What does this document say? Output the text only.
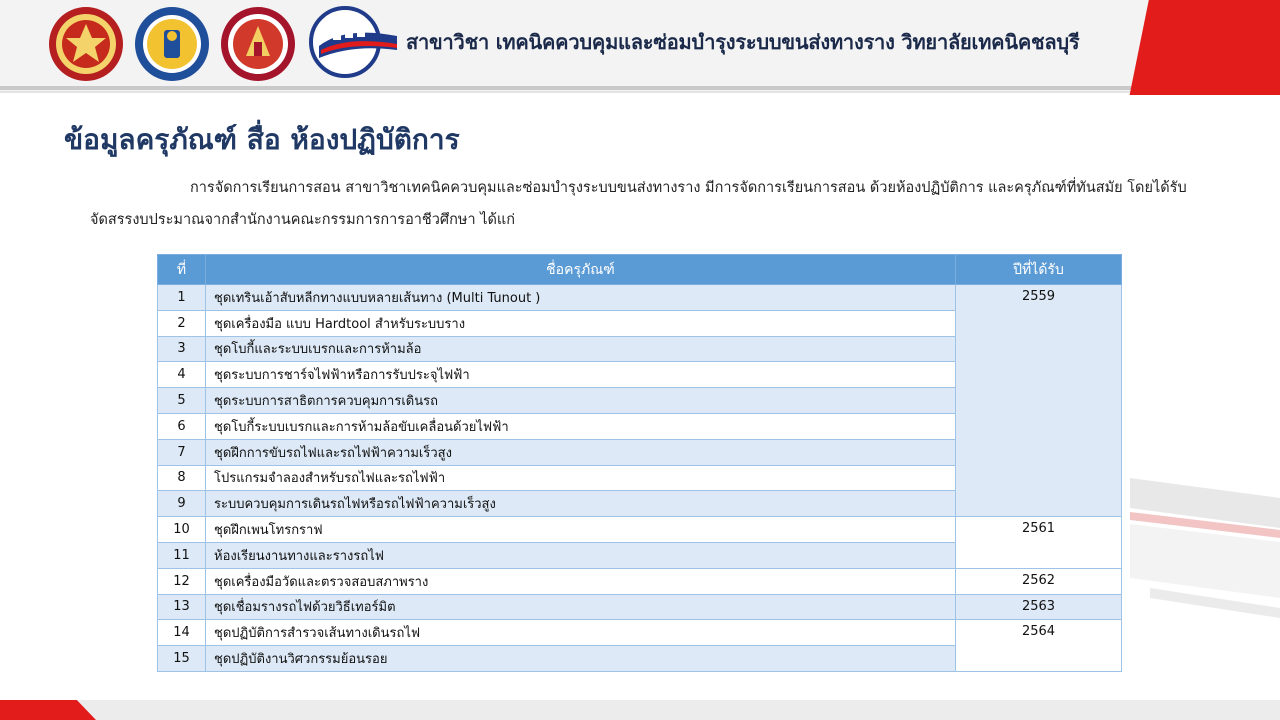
สาขาวิชา เทคนิคควบคุมและซ่อมบำรุงระบบขนส่งทางราง วิทยาลัยเทคนิคชลบุรี
ข้อมูลครุภัณฑ์ สื่อ ห้องปฏิบัติการ
การจัดการเรียนการสอน สาขาวิชาเทคนิคควบคุมและซ่อมบำรุงระบบขนส่งทางราง มีการจัดการเรียนการสอน ด้วยห้องปฏิบัติการ และครุภัณฑ์ที่ทันสมัย โดยได้รับจัดสรรงบประมาณจากสำนักงานคณะกรรมการการอาชีวศึกษา ได้แก่
ที่	ชื่อครุภัณฑ์	ปีที่ได้รับ
1	ชุดเทรินเอ้าสับหลีกทางแบบหลายเส้นทาง (Multi Tunout )	2559
2	ชุดเครื่องมือ แบบ Hardtool สำหรับระบบราง	
3	ชุดโบกี้และระบบเบรกและการห้ามล้อ	
4	ชุดระบบการชาร์จไฟฟ้าหรือการรับประจุไฟฟ้า	
5	ชุดระบบการสาธิตการควบคุมการเดินรถ	
6	ชุดโบกี้ระบบเบรกและการห้ามล้อขับเคลื่อนด้วยไฟฟ้า	
7	ชุดฝึกการขับรถไฟและรถไฟฟ้าความเร็วสูง	
8	โปรแกรมจำลองสำหรับรถไฟและรถไฟฟ้า	
9	ระบบควบคุมการเดินรถไฟหรือรถไฟฟ้าความเร็วสูง	
10	ชุดฝึกเพนโทรกราฟ	2561
11	ห้องเรียนงานทางและรางรถไฟ	
12	ชุดเครื่องมือวัดและตรวจสอบสภาพราง	2562
13	ชุดเชื่อมรางรถไฟด้วยวิธีเทอร์มิต	2563
14	ชุดปฏิบัติการสำรวจเส้นทางเดินรถไฟ	2564
15	ชุดปฏิบัติงานวิศวกรรมย้อนรอย	
